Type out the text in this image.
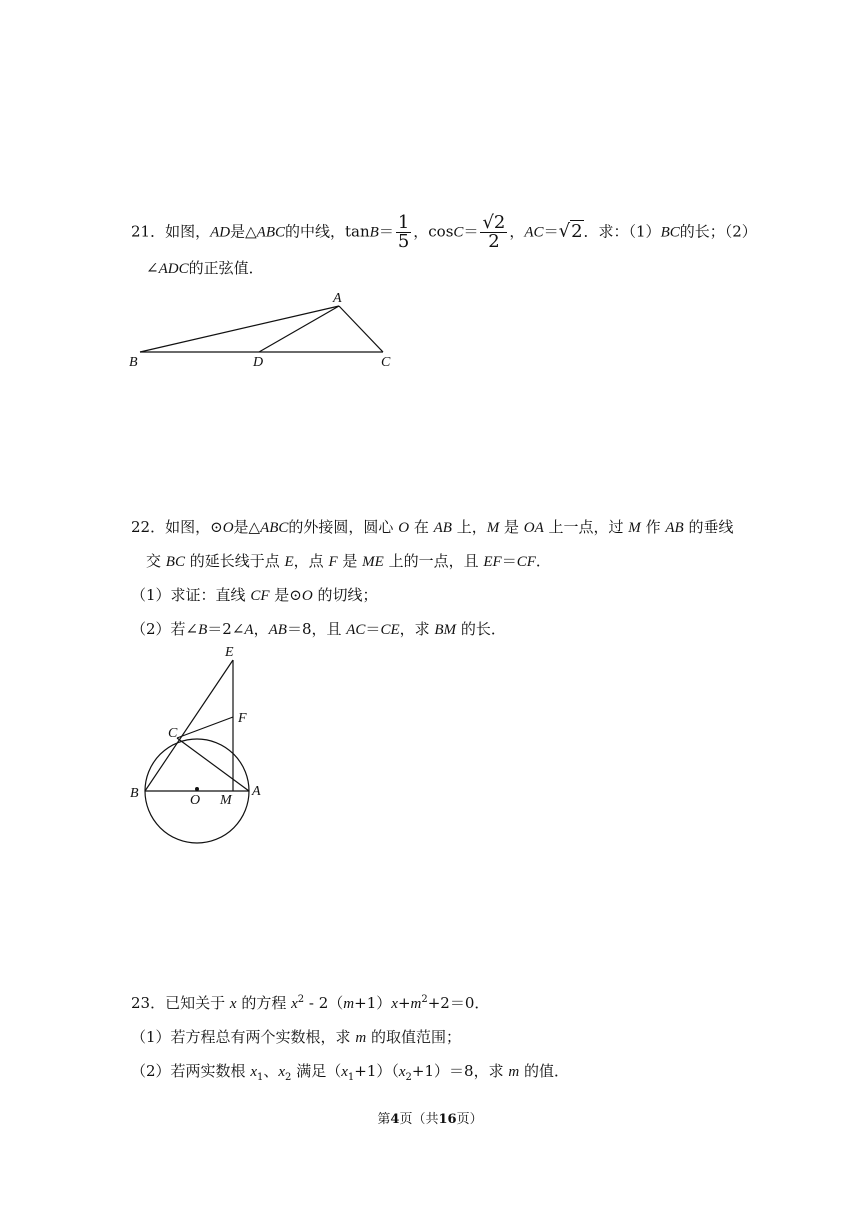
21．如图，AD是△ABC的中线，$\tan B= \frac{1}{5}$ ，$\cos C= \frac{√2}{2}$ ，AC＝√2．求：（1）BC的长；（2）
∠ADC的正弦值．
A
B	D	C
22．如图，⊙O是△ABC的外接圆，圆心 O 在 AB 上，M 是 OA 上一点，过 M 作 AB 的垂线
交 BC 的延长线于点 E，点 F 是 ME 上的一点，且 EF＝CF．
（1）求证：直线 CF 是⊙O 的切线；
（2）若∠B＝2∠A，AB＝8，且 AC＝CE，求 BM 的长．
E
F
C
B	O M
A
23．已知关于 x 的方程 $x^2 - 2(m+1)x+m^2+2=0$．
（1）若方程总有两个实数根，求 m 的取值范围；
（2）若两实数根 $x_1$、$x_2$ 满足$(x_1+1)(x_2+1)=8$，求 m 的值．
第4页（共16页）
